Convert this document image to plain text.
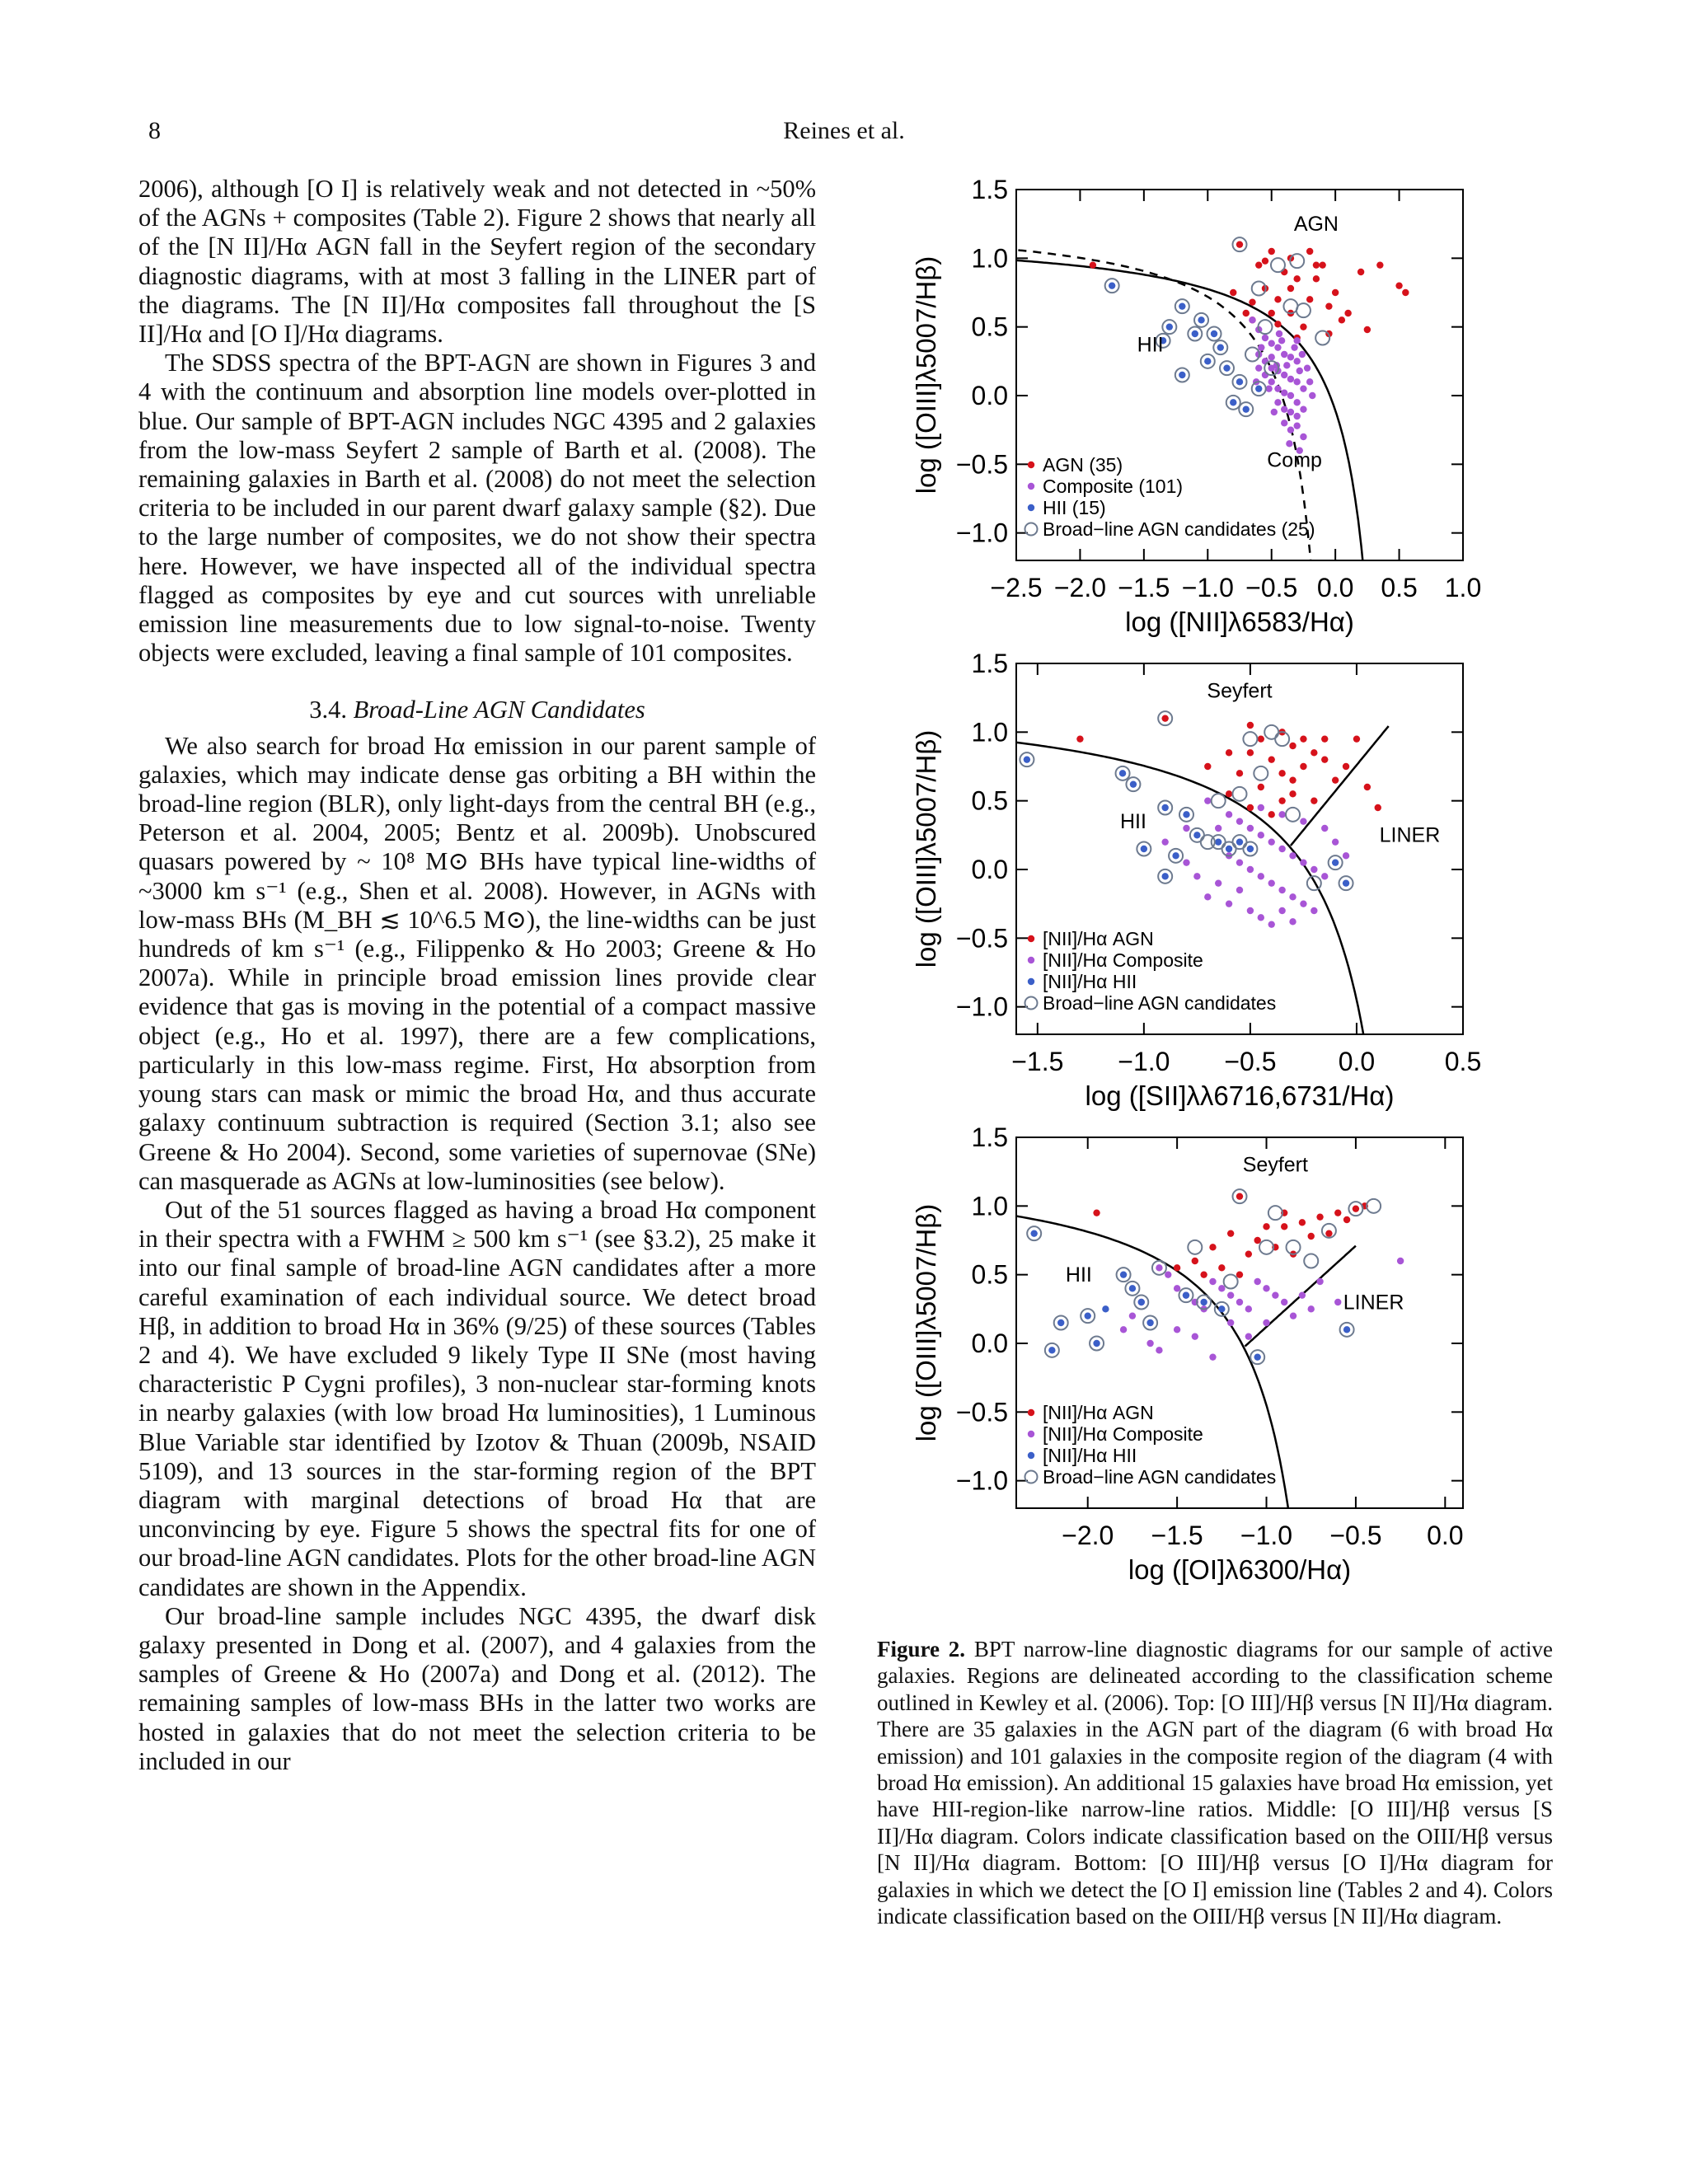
8	Reines et al.

2006), although [O I] is relatively weak and not detected in ~50% of the AGNs + composites (Table 2). Figure 2 shows that nearly all of the [N II]/Hα AGN fall in the Seyfert region of the secondary diagnostic diagrams, with at most 3 falling in the LINER part of the diagrams. The [N II]/Hα composites fall throughout the [S II]/Hα and [O I]/Hα diagrams.

The SDSS spectra of the BPT-AGN are shown in Figures 3 and 4 with the continuum and absorption line models over-plotted in blue. Our sample of BPT-AGN includes NGC 4395 and 2 galaxies from the low-mass Seyfert 2 sample of Barth et al. (2008). The remaining galaxies in Barth et al. (2008) do not meet the selection criteria to be included in our parent dwarf galaxy sample (§2). Due to the large number of composites, we do not show their spectra here. However, we have inspected all of the individual spectra flagged as composites by eye and cut sources with unreliable emission line measurements due to low signal-to-noise. Twenty objects were excluded, leaving a final sample of 101 composites.

3.4. Broad-Line AGN Candidates

We also search for broad Hα emission in our parent sample of galaxies, which may indicate dense gas orbiting a BH within the broad-line region (BLR), only light-days from the central BH (e.g., Peterson et al. 2004, 2005; Bentz et al. 2009b). Unobscured quasars powered by ~ 10⁸ M⊙ BHs have typical line-widths of ~3000 km s⁻¹ (e.g., Shen et al. 2008). However, in AGNs with low-mass BHs (M_BH ≲ 10^6.5 M⊙), the line-widths can be just hundreds of km s⁻¹ (e.g., Filippenko & Ho 2003; Greene & Ho 2007a). While in principle broad emission lines provide clear evidence that gas is moving in the potential of a compact massive object (e.g., Ho et al. 1997), there are a few complications, particularly in this low-mass regime. First, Hα absorption from young stars can mask or mimic the broad Hα, and thus accurate galaxy continuum subtraction is required (Section 3.1; also see Greene & Ho 2004). Second, some varieties of supernovae (SNe) can masquerade as AGNs at low-luminosities (see below).

Out of the 51 sources flagged as having a broad Hα component in their spectra with a FWHM ≥ 500 km s⁻¹ (see §3.2), 25 make it into our final sample of broad-line AGN candidates after a more careful examination of each individual source. We detect broad Hβ, in addition to broad Hα in 36% (9/25) of these sources (Tables 2 and 4). We have excluded 9 likely Type II SNe (most having characteristic P Cygni profiles), 3 non-nuclear star-forming knots in nearby galaxies (with low broad Hα luminosities), 1 Luminous Blue Variable star identified by Izotov & Thuan (2009b, NSAID 5109), and 13 sources in the star-forming region of the BPT diagram with marginal detections of broad Hα that are unconvincing by eye. Figure 5 shows the spectral fits for one of our broad-line AGN candidates. Plots for the other broad-line AGN candidates are shown in the Appendix.

Our broad-line sample includes NGC 4395, the dwarf disk galaxy presented in Dong et al. (2007), and 4 galaxies from the samples of Greene & Ho (2007a) and Dong et al. (2012). The remaining samples of low-mass BHs in the latter two works are hosted in galaxies that do not meet the selection criteria to be included in our

−2.5 −2.0 −1.5 −1.0 −0.5 0.0 0.5 1.0
−1.0
−0.5
0.0
0.5
1.0
1.5
log ([NII]λ6583/Hα)
log ([OIII]λ5007/Hβ)
AGN
HII
Comp
AGN (35)
Composite (101)
HII (15)
Broad−line AGN candidates (25)
−1.5 −1.0 −0.5 0.0	0.5
−1.0
−0.5
0.0
0.5
1.0
1.5
log ([SII]λλ6716,6731/Hα)
log ([OIII]λ5007/Hβ)
Seyfert
HII
LINER
[NII]/Hα AGN
[NII]/Hα Composite
[NII]/Hα HII
Broad−line AGN candidates
−2.0 −1.5 −1.0 −0.5 0.0
−1.0
−0.5
0.0
0.5
1.0
1.5
log ([OI]λ6300/Hα)
log ([OIII]λ5007/Hβ)
Seyfert
HII
LINER
[NII]/Hα AGN
[NII]/Hα Composite
[NII]/Hα HII
Broad−line AGN candidates
Figure 2. BPT narrow-line diagnostic diagrams for our sample of active galaxies. Regions are delineated according to the classification scheme outlined in Kewley et al. (2006). Top: [O III]/Hβ versus [N II]/Hα diagram. There are 35 galaxies in the AGN part of the diagram (6 with broad Hα emission) and 101 galaxies in the composite region of the diagram (4 with broad Hα emission). An additional 15 galaxies have broad Hα emission, yet have HII-region-like narrow-line ratios. Middle: [O III]/Hβ versus [S II]/Hα diagram. Colors indicate classification based on the OIII/Hβ versus [N II]/Hα diagram. Bottom: [O III]/Hβ versus [O I]/Hα diagram for galaxies in which we detect the [O I] emission line (Tables 2 and 4). Colors indicate classification based on the OIII/Hβ versus [N II]/Hα diagram.
